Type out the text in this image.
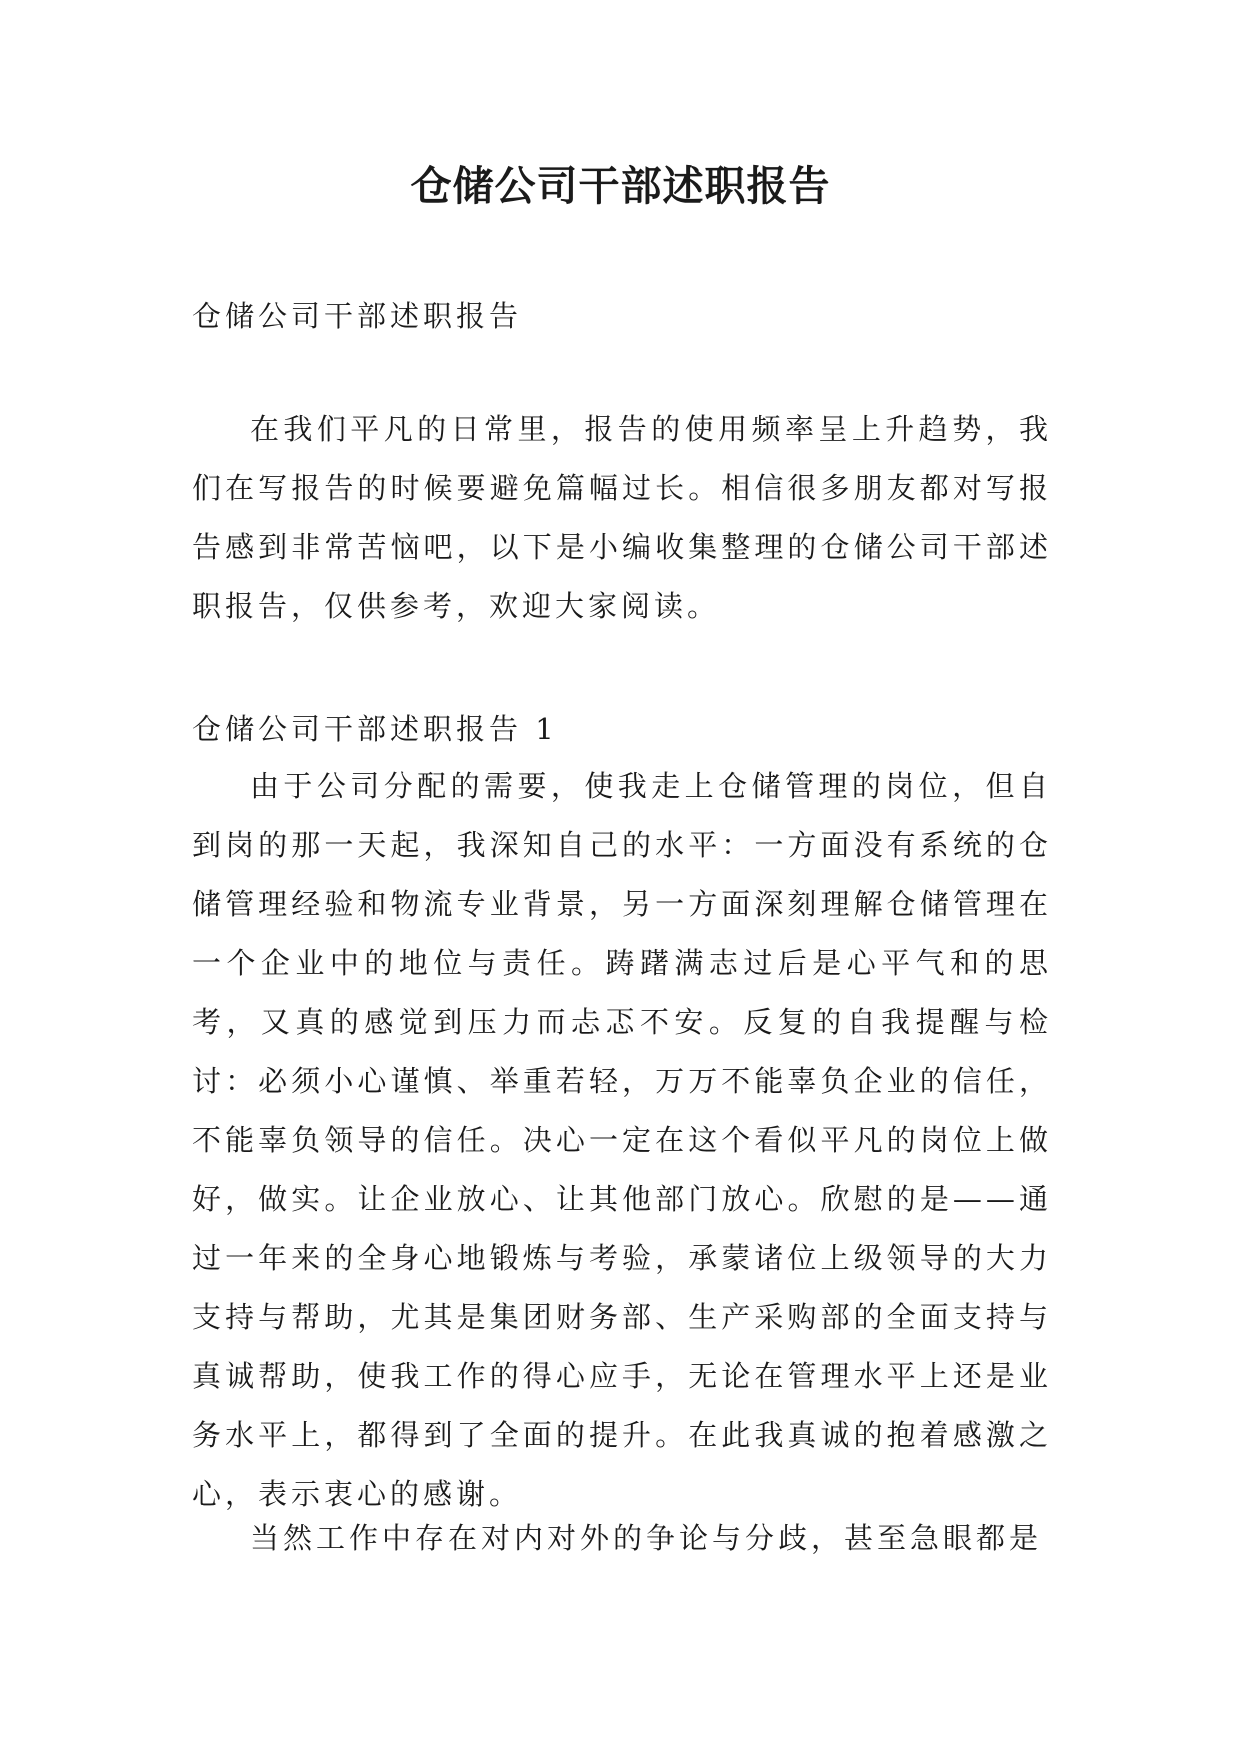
仓储公司干部述职报告

仓储公司干部述职报告

在我们平凡的日常里，报告的使用频率呈上升趋势，我们在写报告的时候要避免篇幅过长。相信很多朋友都对写报告感到非常苦恼吧，以下是小编收集整理的仓储公司干部述职报告，仅供参考，欢迎大家阅读。

仓储公司干部述职报告 1

由于公司分配的需要，使我走上仓储管理的岗位，但自到岗的那一天起，我深知自己的水平：一方面没有系统的仓储管理经验和物流专业背景，另一方面深刻理解仓储管理在一个企业中的地位与责任。踌躇满志过后是心平气和的思考，又真的感觉到压力而忐忑不安。反复的自我提醒与检讨：必须小心谨慎、举重若轻，万万不能辜负企业的信任，不能辜负领导的信任。决心一定在这个看似平凡的岗位上做好，做实。让企业放心、让其他部门放心。欣慰的是——通过一年来的全身心地锻炼与考验，承蒙诸位上级领导的大力支持与帮助，尤其是集团财务部、生产采购部的全面支持与真诚帮助，使我工作的得心应手，无论在管理水平上还是业务水平上，都得到了全面的提升。在此我真诚的抱着感激之心，表示衷心的感谢。

当然工作中存在对内对外的争论与分歧，甚至急眼都是
